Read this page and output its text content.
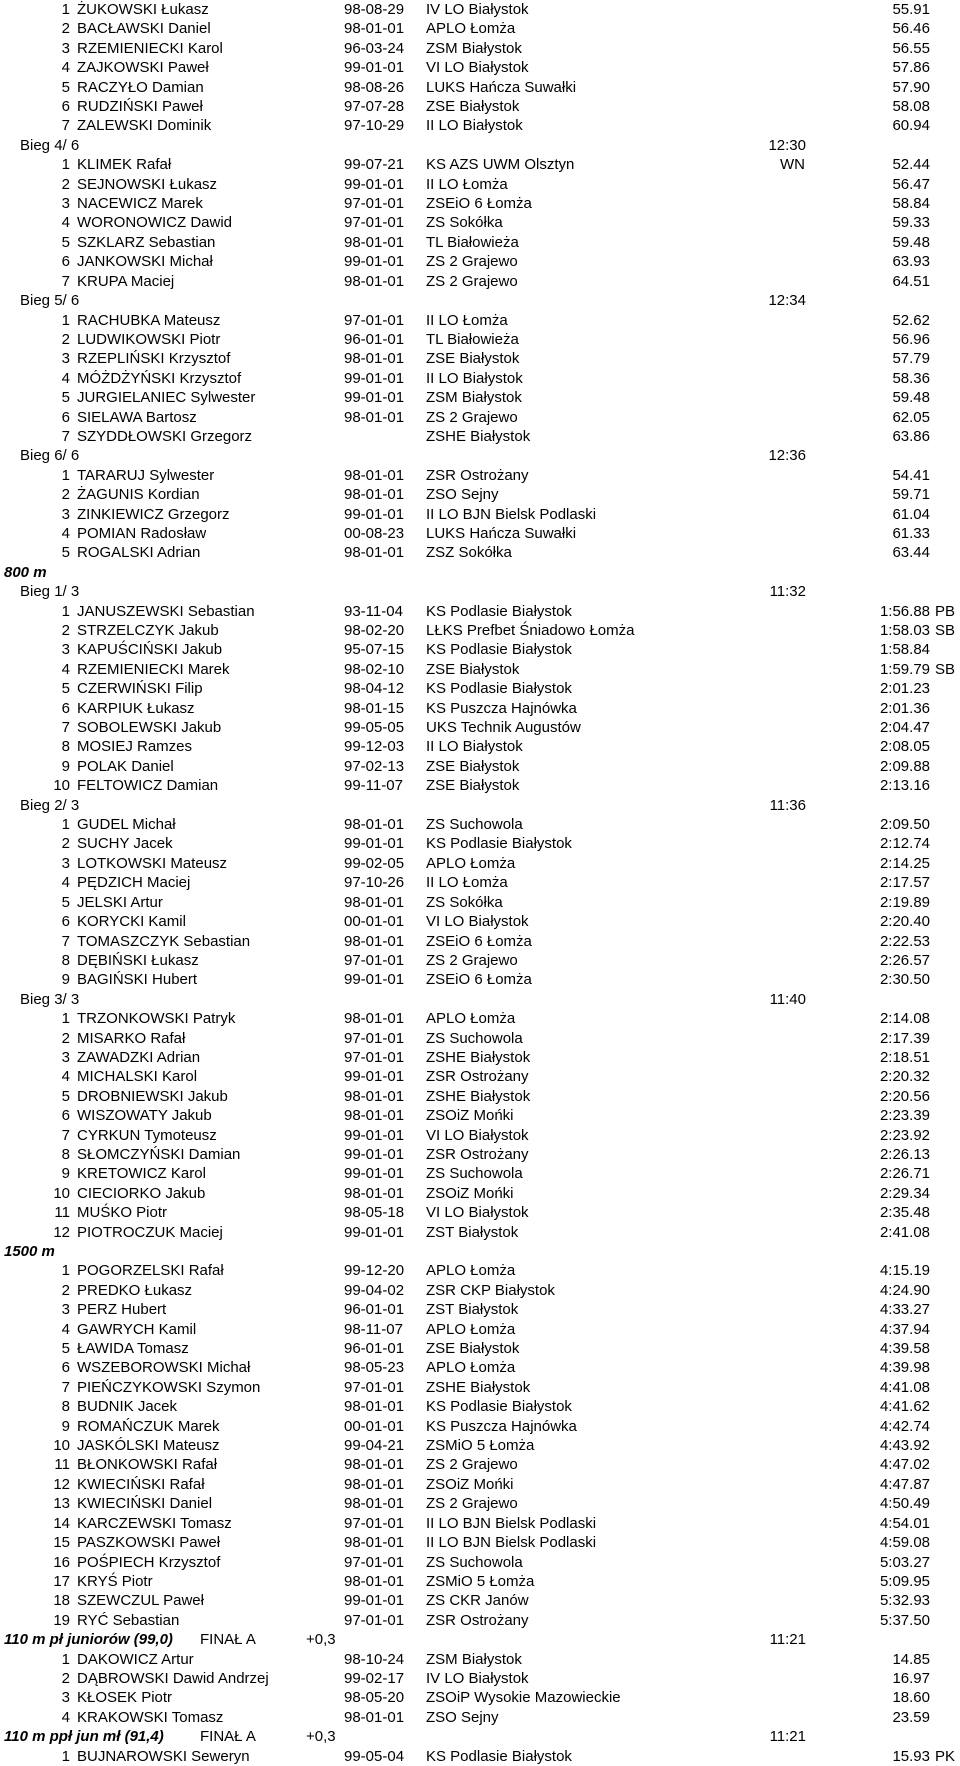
1 ŻUKOWSKI Łukasz	98-08-29 IV LO Białystok	55.91
2 BACŁAWSKI Daniel	98-01-01 APLO Łomża	56.46
3 RZEMIENIECKI Karol	96-03-24 ZSM Białystok	56.55
4 ZAJKOWSKI Paweł	99-01-01 VI LO Białystok	57.86
5 RACZYŁO Damian	98-08-26 LUKS Hańcza Suwałki	57.90
6 RUDZIŃSKI Paweł	97-07-28 ZSE Białystok	58.08
7 ZALEWSKI Dominik	97-10-29 II LO Białystok	60.94
Bieg 4/ 6	12:30
1 KLIMEK Rafał	99-07-21 KS AZS UWM Olsztyn	WN	52.44
2 SEJNOWSKI Łukasz	99-01-01 II LO Łomża	56.47
3 NACEWICZ Marek	97-01-01 ZSEiO 6 Łomża	58.84
4 WORONOWICZ Dawid	97-01-01 ZS Sokółka	59.33
5 SZKLARZ Sebastian	98-01-01 TL Białowieża	59.48
6 JANKOWSKI Michał	99-01-01 ZS 2 Grajewo	63.93
7 KRUPA Maciej	98-01-01 ZS 2 Grajewo	64.51
Bieg 5/ 6	12:34
1 RACHUBKA Mateusz	97-01-01 II LO Łomża	52.62
2 LUDWIKOWSKI Piotr	96-01-01 TL Białowieża	56.96
3 RZEPLIŃSKI Krzysztof	98-01-01 ZSE Białystok	57.79
4 MÓŻDŻYŃSKI Krzysztof	99-01-01 II LO Białystok	58.36
5 JURGIELANIEC Sylwester	99-01-01 ZSM Białystok	59.48
6 SIELAWA Bartosz	98-01-01 ZS 2 Grajewo	62.05
7 SZYDDŁOWSKI Grzegorz	ZSHE Białystok	63.86
Bieg 6/ 6	12:36
1 TARARUJ Sylwester	98-01-01 ZSR Ostrożany	54.41
2 ŻAGUNIS Kordian	98-01-01 ZSO Sejny	59.71
3 ZINKIEWICZ Grzegorz	99-01-01 II LO BJN Bielsk Podlaski	61.04
4 POMIAN Radosław	00-08-23 LUKS Hańcza Suwałki	61.33
5 ROGALSKI Adrian	98-01-01 ZSZ Sokółka	63.44
800 m
Bieg 1/ 3	11:32
1 JANUSZEWSKI Sebastian	93-11-04 KS Podlasie Białystok	1:56.88 PB
2 STRZELCZYK Jakub	98-02-20 LŁKS Prefbet Śniadowo Łomża	1:58.03 SB
3 KAPUŚCIŃSKI Jakub	95-07-15 KS Podlasie Białystok	1:58.84
4 RZEMIENIECKI Marek	98-02-10 ZSE Białystok	1:59.79 SB
5 CZERWIŃSKI Filip	98-04-12 KS Podlasie Białystok	2:01.23
6 KARPIUK Łukasz	98-01-15 KS Puszcza Hajnówka	2:01.36
7 SOBOLEWSKI Jakub	99-05-05 UKS Technik Augustów	2:04.47
8 MOSIEJ Ramzes	99-12-03 II LO Białystok	2:08.05
9 POLAK Daniel	97-02-13 ZSE Białystok	2:09.88
10 FELTOWICZ Damian	99-11-07 ZSE Białystok	2:13.16
Bieg 2/ 3	11:36
1 GUDEL Michał	98-01-01 ZS Suchowola	2:09.50
2 SUCHY Jacek	99-01-01 KS Podlasie Białystok	2:12.74
3 LOTKOWSKI Mateusz	99-02-05 APLO Łomża	2:14.25
4 PĘDZICH Maciej	97-10-26 II LO Łomża	2:17.57
5 JELSKI Artur	98-01-01 ZS Sokółka	2:19.89
6 KORYCKI Kamil	00-01-01 VI LO Białystok	2:20.40
7 TOMASZCZYK Sebastian	98-01-01 ZSEiO 6 Łomża	2:22.53
8 DĘBIŃSKI Łukasz	97-01-01 ZS 2 Grajewo	2:26.57
9 BAGIŃSKI Hubert	99-01-01 ZSEiO 6 Łomża	2:30.50
Bieg 3/ 3	11:40
1 TRZONKOWSKI Patryk	98-01-01 APLO Łomża	2:14.08
2 MISARKO Rafał	97-01-01 ZS Suchowola	2:17.39
3 ZAWADZKI Adrian	97-01-01 ZSHE Białystok	2:18.51
4 MICHALSKI Karol	99-01-01 ZSR Ostrożany	2:20.32
5 DROBNIEWSKI Jakub	98-01-01 ZSHE Białystok	2:20.56
6 WISZOWATY Jakub	98-01-01 ZSOiZ Mońki	2:23.39
7 CYRKUN Tymoteusz	99-01-01 VI LO Białystok	2:23.92
8 SŁOMCZYŃSKI Damian	99-01-01 ZSR Ostrożany	2:26.13
9 KRETOWICZ Karol	99-01-01 ZS Suchowola	2:26.71
10 CIECIORKO Jakub	98-01-01 ZSOiZ Mońki	2:29.34
11 MUŚKO Piotr	98-05-18 VI LO Białystok	2:35.48
12 PIOTROCZUK Maciej	99-01-01 ZST Białystok	2:41.08
1500 m
1 POGORZELSKI Rafał	99-12-20 APLO Łomża	4:15.19
2 PREDKO Łukasz	99-04-02 ZSR CKP Białystok	4:24.90
3 PERZ Hubert	96-01-01 ZST Białystok	4:33.27
4 GAWRYCH Kamil	98-11-07 APLO Łomża	4:37.94
5 ŁAWIDA Tomasz	96-01-01 ZSE Białystok	4:39.58
6 WSZEBOROWSKI Michał	98-05-23 APLO Łomża	4:39.98
7 PIEŃCZYKOWSKI Szymon	97-01-01 ZSHE Białystok	4:41.08
8 BUDNIK Jacek	98-01-01 KS Podlasie Białystok	4:41.62
9 ROMAŃCZUK Marek	00-01-01 KS Puszcza Hajnówka	4:42.74
10 JASKÓLSKI Mateusz	99-04-21 ZSMiO 5 Łomża	4:43.92
11 BŁONKOWSKI Rafał	98-01-01 ZS 2 Grajewo	4:47.02
12 KWIECIŃSKI Rafał	98-01-01 ZSOiZ Mońki	4:47.87
13 KWIECIŃSKI Daniel	98-01-01 ZS 2 Grajewo	4:50.49
14 KARCZEWSKI Tomasz	97-01-01 II LO BJN Bielsk Podlaski	4:54.01
15 PASZKOWSKI Paweł	98-01-01 II LO BJN Bielsk Podlaski	4:59.08
16 POŚPIECH Krzysztof	97-01-01 ZS Suchowola	5:03.27
17 KRYŚ Piotr	98-01-01 ZSMiO 5 Łomża	5:09.95
18 SZEWCZUL Paweł	99-01-01 ZS CKR Janów	5:32.93
19 RYĆ Sebastian	97-01-01 ZSR Ostrożany	5:37.50
110 m pł juniorów (99,0) FINAŁ A	+0,3	11:21
1 DAKOWICZ Artur	98-10-24 ZSM Białystok	14.85
2 DĄBROWSKI Dawid Andrzej	99-02-17 IV LO Białystok	16.97
3 KŁOSEK Piotr	98-05-20 ZSOiP Wysokie Mazowieckie	18.60
4 KRAKOWSKI Tomasz	98-01-01 ZSO Sejny	23.59
110 m ppł jun mł (91,4) FINAŁ A	+0,3	11:21
1 BUJNAROWSKI Seweryn	99-05-04 KS Podlasie Białystok	15.93 PK
